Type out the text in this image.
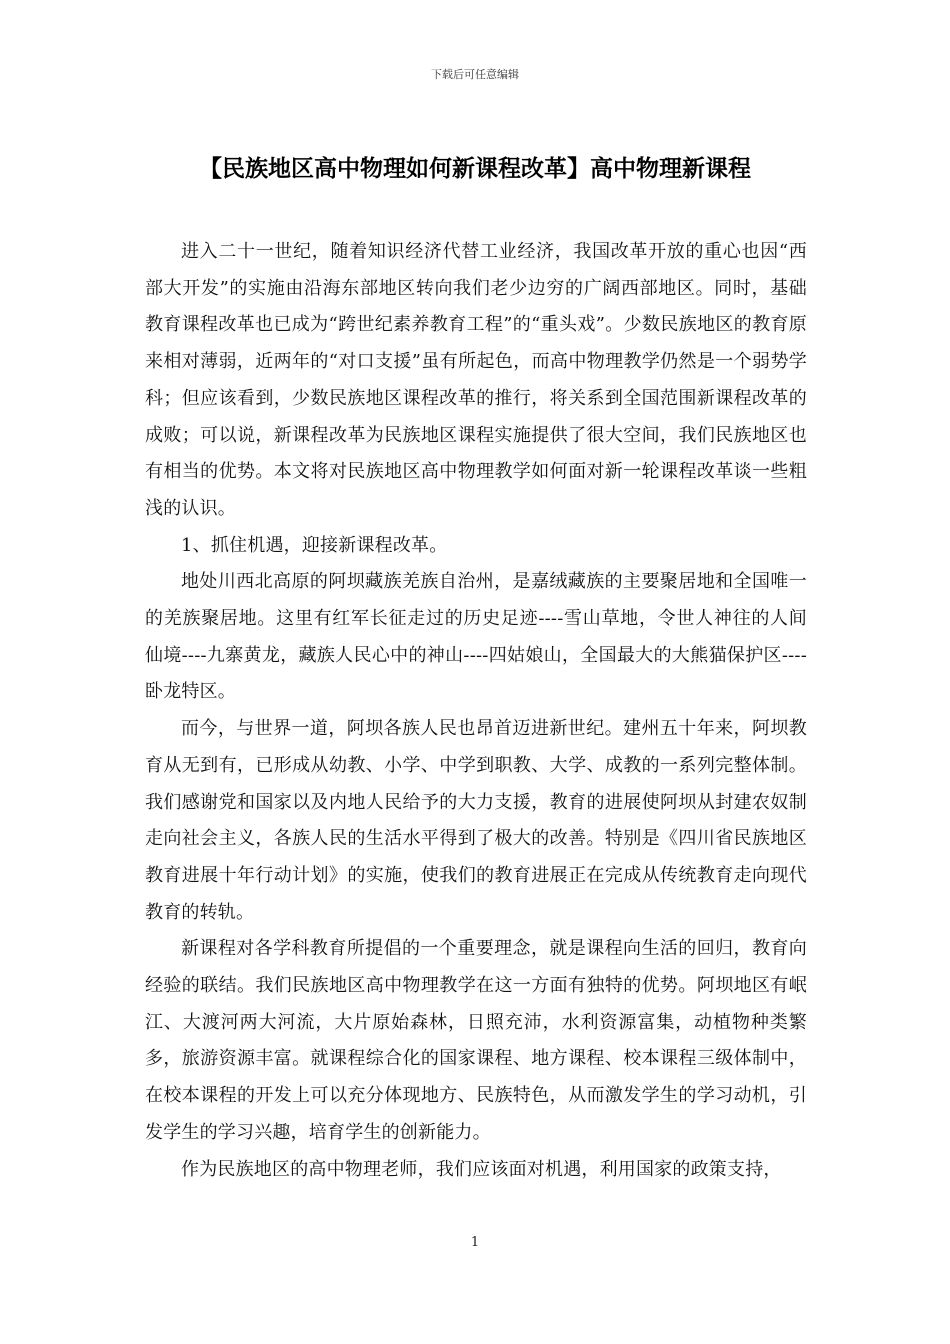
下载后可任意编辑
【民族地区高中物理如何新课程改革】高中物理新课程

进入二十一世纪，随着知识经济代替工业经济，我国改革开放的重心也因“西部大开发”的实施由沿海东部地区转向我们老少边穷的广阔西部地区。同时，基础教育课程改革也已成为“跨世纪素养教育工程”的“重头戏”。少数民族地区的教育原来相对薄弱，近两年的“对口支援”虽有所起色，而高中物理教学仍然是一个弱势学科；但应该看到，少数民族地区课程改革的推行，将关系到全国范围新课程改革的成败；可以说，新课程改革为民族地区课程实施提供了很大空间，我们民族地区也有相当的优势。本文将对民族地区高中物理教学如何面对新一轮课程改革谈一些粗浅的认识。

1、抓住机遇，迎接新课程改革。

地处川西北高原的阿坝藏族羌族自治州，是嘉绒藏族的主要聚居地和全国唯一的羌族聚居地。这里有红军长征走过的历史足迹----雪山草地，令世人神往的人间仙境----九寨黄龙，藏族人民心中的神山----四姑娘山，全国最大的大熊猫保护区----卧龙特区。

而今，与世界一道，阿坝各族人民也昂首迈进新世纪。建州五十年来，阿坝教育从无到有，已形成从幼教、小学、中学到职教、大学、成教的一系列完整体制。我们感谢党和国家以及内地人民给予的大力支援，教育的进展使阿坝从封建农奴制走向社会主义，各族人民的生活水平得到了极大的改善。特别是《四川省民族地区教育进展十年行动计划》的实施，使我们的教育进展正在完成从传统教育走向现代教育的转轨。

新课程对各学科教育所提倡的一个重要理念，就是课程向生活的回归，教育向经验的联结。我们民族地区高中物理教学在这一方面有独特的优势。阿坝地区有岷江、大渡河两大河流，大片原始森林，日照充沛，水利资源富集，动植物种类繁多，旅游资源丰富。就课程综合化的国家课程、地方课程、校本课程三级体制中，在校本课程的开发上可以充分体现地方、民族特色，从而激发学生的学习动机，引发学生的学习兴趣，培育学生的创新能力。

作为民族地区的高中物理老师，我们应该面对机遇，利用国家的政策支持，

1
